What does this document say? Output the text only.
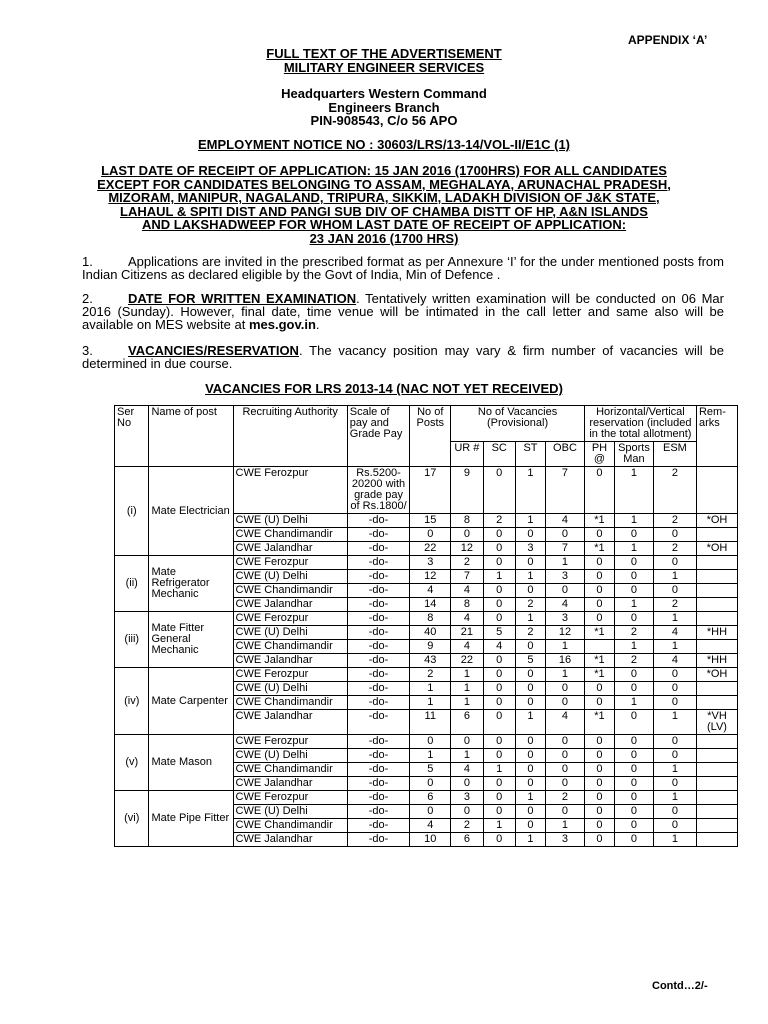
APPENDIX ‘A’
FULL TEXT OF THE ADVERTISEMENT
MILITARY ENGINEER SERVICES
Headquarters Western Command
Engineers Branch
PIN-908543, C/o 56 APO
EMPLOYMENT NOTICE NO : 30603/LRS/13-14/VOL-II/E1C (1)
LAST DATE OF RECEIPT OF APPLICATION: 15 JAN 2016 (1700HRS) FOR ALL CANDIDATES
EXCEPT FOR CANDIDATES BELONGING TO ASSAM, MEGHALAYA, ARUNACHAL PRADESH,
MIZORAM, MANIPUR, NAGALAND, TRIPURA, SIKKIM, LADAKH DIVISION OF J&K STATE,
LAHAUL & SPITI DIST AND PANGI SUB DIV OF CHAMBA DISTT OF HP, A&N ISLANDS
AND LAKSHADWEEP FOR WHOM LAST DATE OF RECEIPT OF APPLICATION:
23 JAN 2016 (1700 HRS)
1.	Applications are invited in the prescribed format as per Annexure ‘I’ for the under mentioned posts from Indian Citizens as declared eligible by the Govt of India, Min of Defence .
2.	DATE FOR WRITTEN EXAMINATION. Tentatively written examination will be conducted on 06 Mar 2016 (Sunday). However, final date, time venue will be intimated in the call letter and same also will be available on MES website at mes.gov.in.
3.	VACANCIES/RESERVATION. The vacancy position may vary & firm number of vacancies will be determined in due course.
VACANCIES FOR LRS 2013-14 (NAC NOT YET RECEIVED)
Ser No	Name of post	Recruiting Authority	Scale of pay and Grade Pay	No of Posts	No of Vacancies (Provisional)				Horizontal/Vertical reservation (included in the total allotment)			Rem-arks
					UR #	SC	ST	OBC	PH @	Sports Man	ESM	
(i)	Mate Electrician	CWE Ferozpur	Rs.5200-20200 with grade pay of Rs.1800/	17	9	0	1	7	0	1	2	
		CWE (U) Delhi	-do-	15	8	2	1	4	*1	1	2	*OH
		CWE Chandimandir	-do-	0	0	0	0	0	0	0	0	
		CWE Jalandhar	-do-	22	12	0	3	7	*1	1	2	*OH
(ii)	Mate Refrigerator Mechanic	CWE Ferozpur	-do-	3	2	0	0	1	0	0	0	
		CWE (U) Delhi	-do-	12	7	1	1	3	0	0	1	
		CWE Chandimandir	-do-	4	4	0	0	0	0	0	0	
		CWE Jalandhar	-do-	14	8	0	2	4	0	1	2	
(iii)	Mate Fitter General Mechanic	CWE Ferozpur	-do-	8	4	0	1	3	0	0	1	
		CWE (U) Delhi	-do-	40	21	5	2	12	*1	2	4	*HH
		CWE Chandimandir	-do-	9	4	4	0	1		1	1	
		CWE Jalandhar	-do-	43	22	0	5	16	*1	2	4	*HH
(iv)	Mate Carpenter	CWE Ferozpur	-do-	2	1	0	0	1	*1	0	0	*OH
		CWE (U) Delhi	-do-	1	1	0	0	0	0	0	0	
		CWE Chandimandir	-do-	1	1	0	0	0	0	1	0	
		CWE Jalandhar	-do-	11	6	0	1	4	*1	0	1	*VH (LV)
(v)	Mate Mason	CWE Ferozpur	-do-	0	0	0	0	0	0	0	0	
		CWE (U) Delhi	-do-	1	1	0	0	0	0	0	0	
		CWE Chandimandir	-do-	5	4	1	0	0	0	0	1	
		CWE Jalandhar	-do-	0	0	0	0	0	0	0	0	
(vi)	Mate Pipe Fitter	CWE Ferozpur	-do-	6	3	0	1	2	0	0	1	
		CWE (U) Delhi	-do-	0	0	0	0	0	0	0	0	
		CWE Chandimandir	-do-	4	2	1	0	1	0	0	0	
		CWE Jalandhar	-do-	10	6	0	1	3	0	0	1	
Contd…2/-
